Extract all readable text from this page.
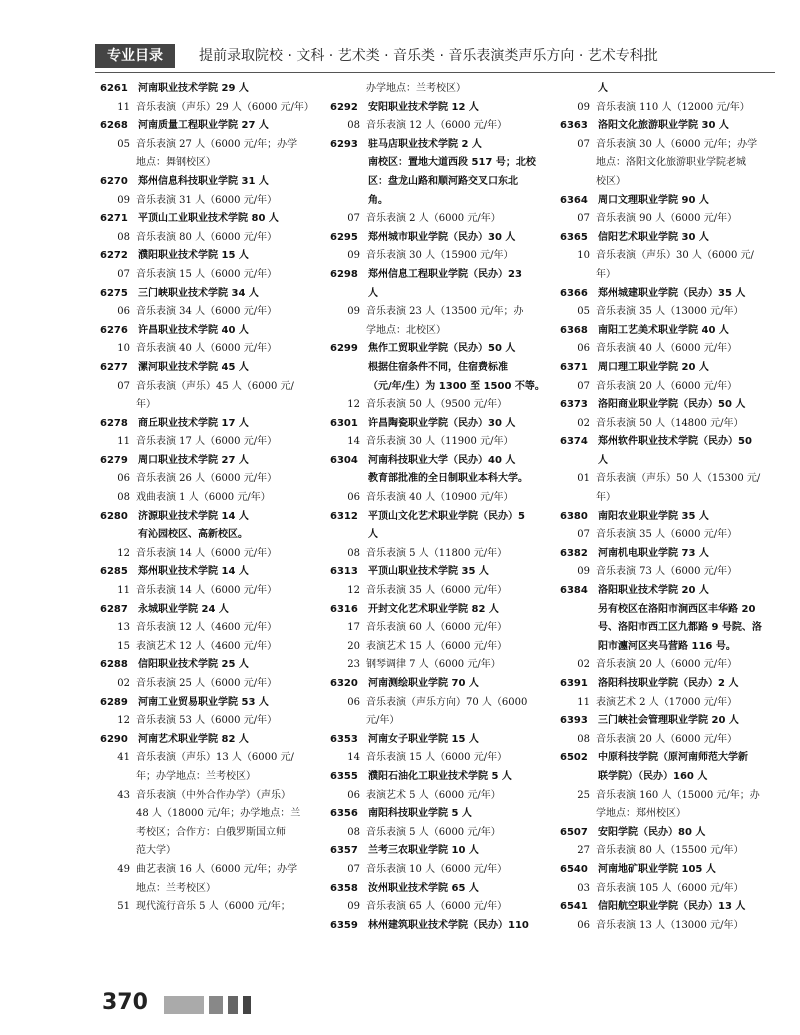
专业目录	提前录取院校 · 文科 · 艺术类 · 音乐类 · 音乐表演类声乐方向 · 艺术专科批
6261 河南职业技术学院 29 人
11 音乐表演（声乐）29 人（6000 元/年）
6268 河南质量工程职业学院 27 人
05 音乐表演 27 人（6000 元/年；办学
地点：舞钢校区）
6270 郑州信息科技职业学院 31 人
09 音乐表演 31 人（6000 元/年）
6271 平顶山工业职业技术学院 80 人
08 音乐表演 80 人（6000 元/年）
6272 濮阳职业技术学院 15 人
07 音乐表演 15 人（6000 元/年）
6275 三门峡职业技术学院 34 人
06 音乐表演 34 人（6000 元/年）
6276 许昌职业技术学院 40 人
10 音乐表演 40 人（6000 元/年）
6277 漯河职业技术学院 45 人
07 音乐表演（声乐）45 人（6000 元/
年）
6278 商丘职业技术学院 17 人
11 音乐表演 17 人（6000 元/年）
6279 周口职业技术学院 27 人
06 音乐表演 26 人（6000 元/年）
08 戏曲表演 1 人（6000 元/年）
6280 济源职业技术学院 14 人
有沁园校区、高新校区。
12 音乐表演 14 人（6000 元/年）
6285 郑州职业技术学院 14 人
11 音乐表演 14 人（6000 元/年）
6287 永城职业学院 24 人
13 音乐表演 12 人（4600 元/年）
15 表演艺术 12 人（4600 元/年）
6288 信阳职业技术学院 25 人
02 音乐表演 25 人（6000 元/年）
6289 河南工业贸易职业学院 53 人
12 音乐表演 53 人（6000 元/年）
6290 河南艺术职业学院 82 人
41 音乐表演（声乐）13 人（6000 元/
年；办学地点：兰考校区）
43 音乐表演（中外合作办学）（声乐）
48 人（18000 元/年；办学地点：兰
考校区；合作方：白俄罗斯国立师
范大学）
49 曲艺表演 16 人（6000 元/年；办学
地点：兰考校区）
51 现代流行音乐 5 人（6000 元/年；
办学地点：兰考校区）
6292 安阳职业技术学院 12 人
08 音乐表演 12 人（6000 元/年）
6293 驻马店职业技术学院 2 人
南校区：置地大道西段 517 号；北校
区：盘龙山路和顺河路交叉口东北
角。
07 音乐表演 2 人（6000 元/年）
6295 郑州城市职业学院（民办）30 人
09 音乐表演 30 人（15900 元/年）
6298 郑州信息工程职业学院（民办）23
人
09 音乐表演 23 人（13500 元/年；办
学地点：北校区）
6299 焦作工贸职业学院（民办）50 人
根据住宿条件不同，住宿费标准
（元/年/生）为 1300 至 1500 不等。
12 音乐表演 50 人（9500 元/年）
6301 许昌陶瓷职业学院（民办）30 人
14 音乐表演 30 人（11900 元/年）
6304 河南科技职业大学（民办）40 人
教育部批准的全日制职业本科大学。
06 音乐表演 40 人（10900 元/年）
6312 平顶山文化艺术职业学院（民办）5
人
08 音乐表演 5 人（11800 元/年）
6313 平顶山职业技术学院 35 人
12 音乐表演 35 人（6000 元/年）
6316 开封文化艺术职业学院 82 人
17 音乐表演 60 人（6000 元/年）
20 表演艺术 15 人（6000 元/年）
23 钢琴调律 7 人（6000 元/年）
6320 河南测绘职业学院 70 人
06 音乐表演（声乐方向）70 人（6000
元/年）
6353 河南女子职业学院 15 人
14 音乐表演 15 人（6000 元/年）
6355 濮阳石油化工职业技术学院 5 人
06 表演艺术 5 人（6000 元/年）
6356 南阳科技职业学院 5 人
08 音乐表演 5 人（6000 元/年）
6357 兰考三农职业学院 10 人
07 音乐表演 10 人（6000 元/年）
6358 汝州职业技术学院 65 人
09 音乐表演 65 人（6000 元/年）
6359 林州建筑职业技术学院（民办）110
人
09 音乐表演 110 人（12000 元/年）
6363 洛阳文化旅游职业学院 30 人
07 音乐表演 30 人（6000 元/年；办学
地点：洛阳文化旅游职业学院老城
校区）
6364 周口文理职业学院 90 人
07 音乐表演 90 人（6000 元/年）
6365 信阳艺术职业学院 30 人
10 音乐表演（声乐）30 人（6000 元/
年）
6366 郑州城建职业学院（民办）35 人
05 音乐表演 35 人（13000 元/年）
6368 南阳工艺美术职业学院 40 人
06 音乐表演 40 人（6000 元/年）
6371 周口理工职业学院 20 人
07 音乐表演 20 人（6000 元/年）
6373 洛阳商业职业学院（民办）50 人
02 音乐表演 50 人（14800 元/年）
6374 郑州软件职业技术学院（民办）50
人
01 音乐表演（声乐）50 人（15300 元/
年）
6380 南阳农业职业学院 35 人
07 音乐表演 35 人（6000 元/年）
6382 河南机电职业学院 73 人
09 音乐表演 73 人（6000 元/年）
6384 洛阳职业技术学院 20 人
另有校区在洛阳市涧西区丰华路 20
号、洛阳市西工区九都路 9 号院、洛
阳市瀍河区夹马营路 116 号。
02 音乐表演 20 人（6000 元/年）
6391 洛阳科技职业学院（民办）2 人
11 表演艺术 2 人（17000 元/年）
6393 三门峡社会管理职业学院 20 人
08 音乐表演 20 人（6000 元/年）
6502 中原科技学院（原河南师范大学新
联学院）（民办）160 人
25 音乐表演 160 人（15000 元/年；办
学地点：郑州校区）
6507 安阳学院（民办）80 人
27 音乐表演 80 人（15500 元/年）
6540 河南地矿职业学院 105 人
03 音乐表演 105 人（6000 元/年）
6541 信阳航空职业学院（民办）13 人
06 音乐表演 13 人（13000 元/年）
370
